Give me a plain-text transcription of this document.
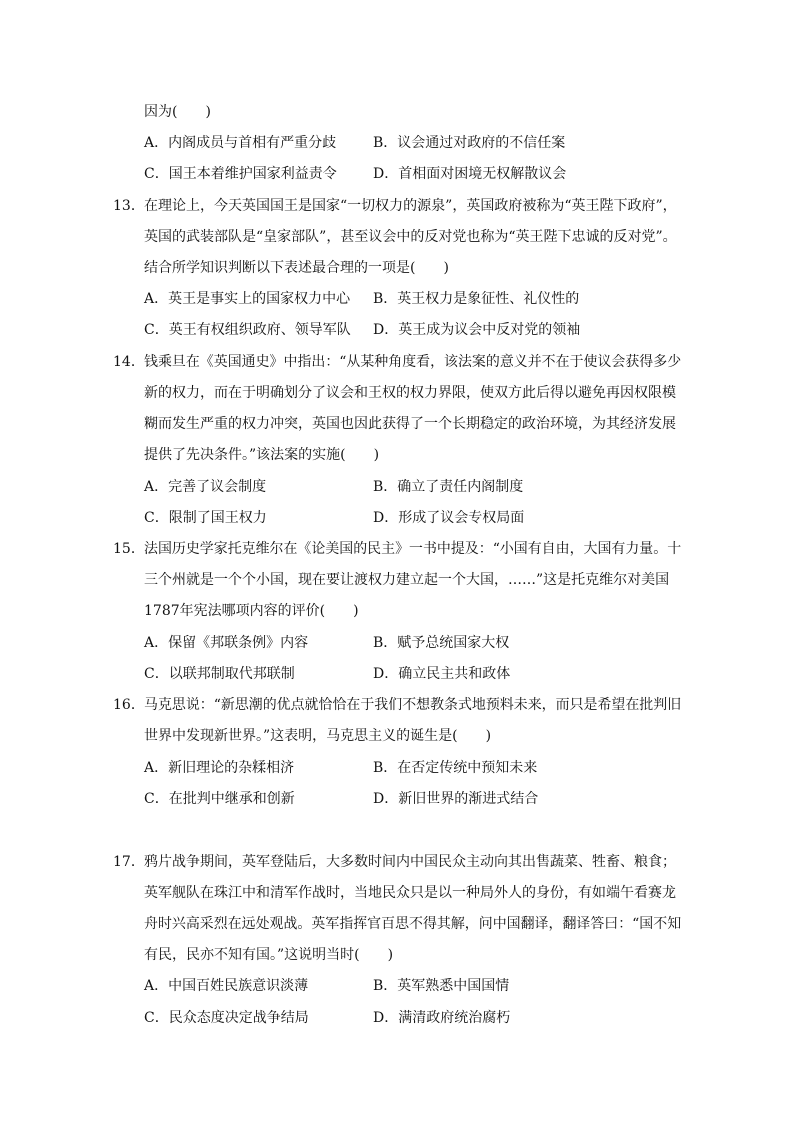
因为(　　)
A．内阁成员与首相有严重分歧	B．议会通过对政府的不信任案
C．国王本着维护国家利益责令	D．首相面对困境无权解散议会
13． 在理论上，今天英国国王是国家“一切权力的源泉”，英国政府被称为“英王陛下政府”，
英国的武装部队是“皇家部队”，甚至议会中的反对党也称为“英王陛下忠诚的反对党”。
结合所学知识判断以下表述最合理的一项是(　　)
A．英王是事实上的国家权力中心 B．英王权力是象征性、礼仪性的
C．英王有权组织政府、领导军队 D．英王成为议会中反对党的领袖
14． 钱乘旦在《英国通史》中指出：“从某种角度看，该法案的意义并不在于使议会获得多少
新的权力，而在于明确划分了议会和王权的权力界限，使双方此后得以避免再因权限模
糊而发生严重的权力冲突，英国也因此获得了一个长期稳定的政治环境，为其经济发展
提供了先决条件。”该法案的实施(　　)
A．完善了议会制度	B．确立了责任内阁制度
C．限制了国王权力	D．形成了议会专权局面
15． 法国历史学家托克维尔在《论美国的民主》一书中提及：“小国有自由，大国有力量。十
三个州就是一个个小国，现在要让渡权力建立起一个大国，……”这是托克维尔对美国
1787年宪法哪项内容的评价(　　)
A．保留《邦联条例》内容	B．赋予总统国家大权
C．以联邦制取代邦联制	D．确立民主共和政体
16． 马克思说：“新思潮的优点就恰恰在于我们不想教条式地预料未来，而只是希望在批判旧
世界中发现新世界。”这表明，马克思主义的诞生是(　　)
A．新旧理论的杂糅相济	B．在否定传统中预知未来
C．在批判中继承和创新	D．新旧世界的渐进式结合
17． 鸦片战争期间，英军登陆后，大多数时间内中国民众主动向其出售蔬菜、牲畜、粮食；
英军舰队在珠江中和清军作战时，当地民众只是以一种局外人的身份，有如端午看赛龙
舟时兴高采烈在远处观战。英军指挥官百思不得其解，问中国翻译，翻译答曰：“国不知
有民，民亦不知有国。”这说明当时(　　)
A．中国百姓民族意识淡薄	B．英军熟悉中国国情
C．民众态度决定战争结局	D．满清政府统治腐朽
